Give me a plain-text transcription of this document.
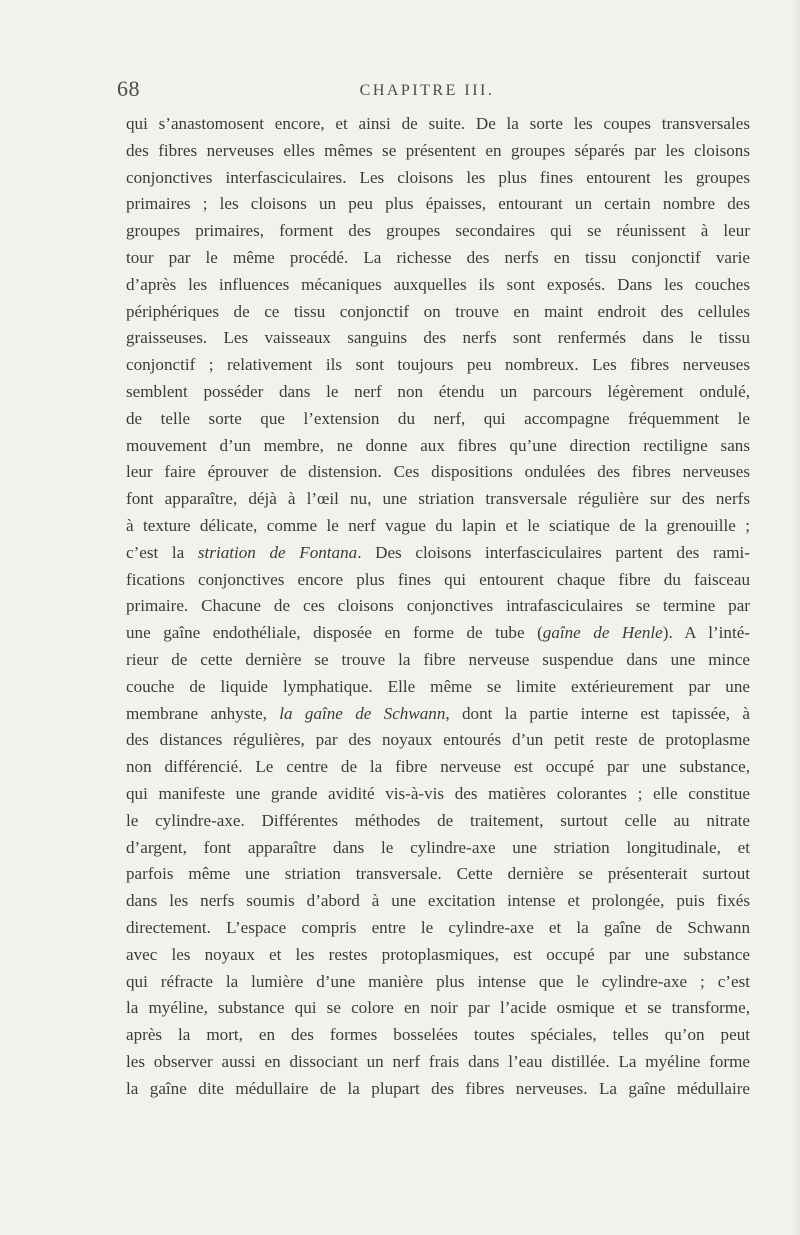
68	CHAPITRE III.
qui s’anastomosent encore, et ainsi de suite. De la sorte les coupes transversales
des fibres nerveuses elles mêmes se présentent en groupes séparés par les cloisons
conjonctives interfasciculaires. Les cloisons les plus fines entourent les groupes
primaires ; les cloisons un peu plus épaisses, entourant un certain nombre des
groupes primaires, forment des groupes secondaires qui se réunissent à leur
tour par le même procédé. La richesse des nerfs en tissu conjonctif varie
d’après les influences mécaniques auxquelles ils sont exposés. Dans les couches
périphériques de ce tissu conjonctif on trouve en maint endroit des cellules
graisseuses. Les vaisseaux sanguins des nerfs sont renfermés dans le tissu
conjonctif ; relativement ils sont toujours peu nombreux. Les fibres nerveuses
semblent posséder dans le nerf non étendu un parcours légèrement ondulé,
de telle sorte que l’extension du nerf, qui accompagne fréquemment le
mouvement d’un membre, ne donne aux fibres qu’une direction rectiligne sans
leur faire éprouver de distension. Ces dispositions ondulées des fibres nerveuses
font apparaître, déjà à l’œil nu, une striation transversale régulière sur des nerfs
à texture délicate, comme le nerf vague du lapin et le sciatique de la grenouille ;
c’est la striation de Fontana. Des cloisons interfasciculaires partent des rami-
fications conjonctives encore plus fines qui entourent chaque fibre du faisceau
primaire. Chacune de ces cloisons conjonctives intrafasciculaires se termine par
une gaîne endothéliale, disposée en forme de tube (gaîne de Henle). A l’inté-
rieur de cette dernière se trouve la fibre nerveuse suspendue dans une mince
couche de liquide lymphatique. Elle même se limite extérieurement par une
membrane anhyste, la gaîne de Schwann, dont la partie interne est tapissée, à
des distances régulières, par des noyaux entourés d’un petit reste de protoplasme
non différencié. Le centre de la fibre nerveuse est occupé par une substance,
qui manifeste une grande avidité vis-à-vis des matières colorantes ; elle constitue
le cylindre-axe. Différentes méthodes de traitement, surtout celle au nitrate
d’argent, font apparaître dans le cylindre-axe une striation longitudinale, et
parfois même une striation transversale. Cette dernière se présenterait surtout
dans les nerfs soumis d’abord à une excitation intense et prolongée, puis fixés
directement. L’espace compris entre le cylindre-axe et la gaîne de Schwann
avec les noyaux et les restes protoplasmiques, est occupé par une substance
qui réfracte la lumière d’une manière plus intense que le cylindre-axe ; c’est
la myéline, substance qui se colore en noir par l’acide osmique et se transforme,
après la mort, en des formes bosselées toutes spéciales, telles qu’on peut
les observer aussi en dissociant un nerf frais dans l’eau distillée. La myéline forme
la gaîne dite médullaire de la plupart des fibres nerveuses. La gaîne médullaire
